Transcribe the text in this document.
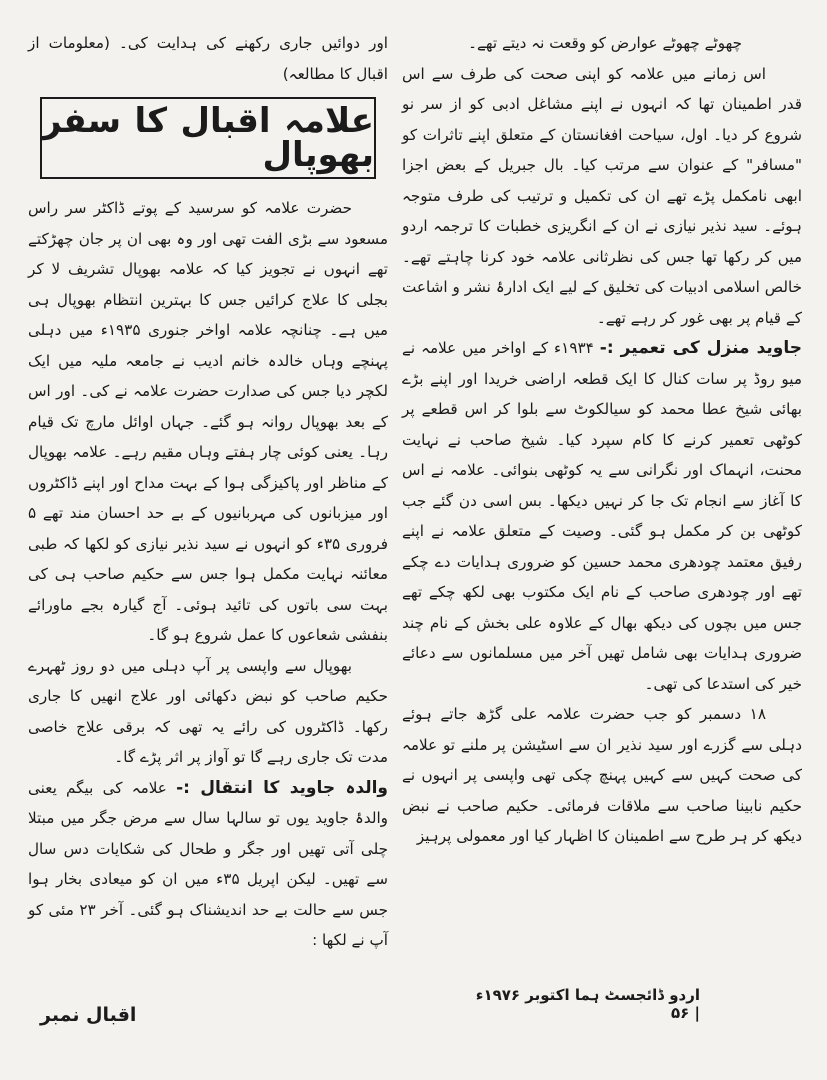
چھوٹے چھوٹے عوارض کو وقعت نہ دیتے تھے۔

اس زمانے میں علامہ کو اپنی صحت کی طرف سے اس قدر اطمینان تھا کہ انہوں نے اپنے مشاغل ادبی کو از سر نو شروع کر دیا۔ اول، سیاحت افغانستان کے متعلق اپنے تاثرات کو "مسافر" کے عنوان سے مرتب کیا۔ بال جبریل کے بعض اجزا ابھی نامکمل پڑے تھے ان کی تکمیل و ترتیب کی طرف متوجہ ہوئے۔ سید نذیر نیازی نے ان کے انگریزی خطبات کا ترجمہ اردو میں کر رکھا تھا جس کی نظرثانی علامہ خود کرنا چاہتے تھے۔ خالص اسلامی ادبیات کی تخلیق کے لیے ایک ادارۂ نشر و اشاعت کے قیام پر بھی غور کر رہے تھے۔

جاوید منزل کی تعمیر :- ۱۹۳۴ء کے اواخر میں علامہ نے میو روڈ پر سات کنال کا ایک قطعہ اراضی خریدا اور اپنے بڑے بھائی شیخ عطا محمد کو سیالکوٹ سے بلوا کر اس قطعے پر کوٹھی تعمیر کرنے کا کام سپرد کیا۔ شیخ صاحب نے نہایت محنت، انہماک اور نگرانی سے یہ کوٹھی بنوائی۔ علامہ نے اس کا آغاز سے انجام تک جا کر نہیں دیکھا۔ بس اسی دن گئے جب کوٹھی بن کر مکمل ہو گئی۔ وصیت کے متعلق علامہ نے اپنے رفیق معتمد چودھری محمد حسین کو ضروری ہدایات دے چکے تھے اور چودھری صاحب کے نام ایک مکتوب بھی لکھ چکے تھے جس میں بچوں کی دیکھ بھال کے علاوہ علی بخش کے نام چند ضروری ہدایات بھی شامل تھیں آخر میں مسلمانوں سے دعائے خیر کی استدعا کی تھی۔

۱۸ دسمبر کو جب حضرت علامہ علی گڑھ جاتے ہوئے دہلی سے گزرے اور سید نذیر ان سے اسٹیشن پر ملنے تو علامہ کی صحت کہیں سے کہیں پہنچ چکی تھی واپسی پر انہوں نے حکیم نابینا صاحب سے ملاقات فرمائی۔ حکیم صاحب نے نبض دیکھ کر ہر طرح سے اطمینان کا اظہار کیا اور معمولی پرہیز

اور دوائیں جاری رکھنے کی ہدایت کی۔ (معلومات از اقبال کا مطالعہ)

علامہ اقبال کا سفر بھوپال

حضرت علامہ کو سرسید کے پوتے ڈاکٹر سر راس مسعود سے بڑی الفت تھی اور وہ بھی ان پر جان چھڑکتے تھے انہوں نے تجویز کیا کہ علامہ بھوپال تشریف لا کر بجلی کا علاج کرائیں جس کا بہترین انتظام بھوپال ہی میں ہے۔ چنانچہ علامہ اواخر جنوری ۱۹۳۵ء میں دہلی پہنچے وہاں خالدہ خانم ادیب نے جامعہ ملیہ میں ایک لکچر دیا جس کی صدارت حضرت علامہ نے کی۔ اور اس کے بعد بھوپال روانہ ہو گئے۔ جہاں اوائل مارچ تک قیام رہا۔ یعنی کوئی چار ہفتے وہاں مقیم رہے۔ علامہ بھوپال کے مناظر اور پاکیزگی ہوا کے بہت مداح اور اپنے ڈاکٹروں اور میزبانوں کی مہربانیوں کے بے حد احسان مند تھے ۵ فروری ۳۵ء کو انہوں نے سید نذیر نیازی کو لکھا کہ طبی معائنہ نہایت مکمل ہوا جس سے حکیم صاحب ہی کی بہت سی باتوں کی تائید ہوئی۔ آج گیارہ بجے ماورائے بنفشی شعاعوں کا عمل شروع ہو گا۔

بھوپال سے واپسی پر آپ دہلی میں دو روز ٹھہرے حکیم صاحب کو نبض دکھائی اور علاج انھیں کا جاری رکھا۔ ڈاکٹروں کی رائے یہ تھی کہ برقی علاج خاصی مدت تک جاری رہے گا تو آواز پر اثر پڑے گا۔

والدہ جاوید کا انتقال :- علامہ کی بیگم یعنی والدۂ جاوید یوں تو سالہا سال سے مرض جگر میں مبتلا چلی آتی تھیں اور جگر و طحال کی شکایات دس سال سے تھیں۔ لیکن اپریل ۳۵ء میں ان کو میعادی بخار ہوا جس سے حالت بے حد اندیشناک ہو گئی۔ آخر ۲۳ مئی کو آپ نے لکھا :

اردو ڈائجسٹ ہما اکتوبر ۱۹۷۶ء | ۵۶
اقبال نمبر
